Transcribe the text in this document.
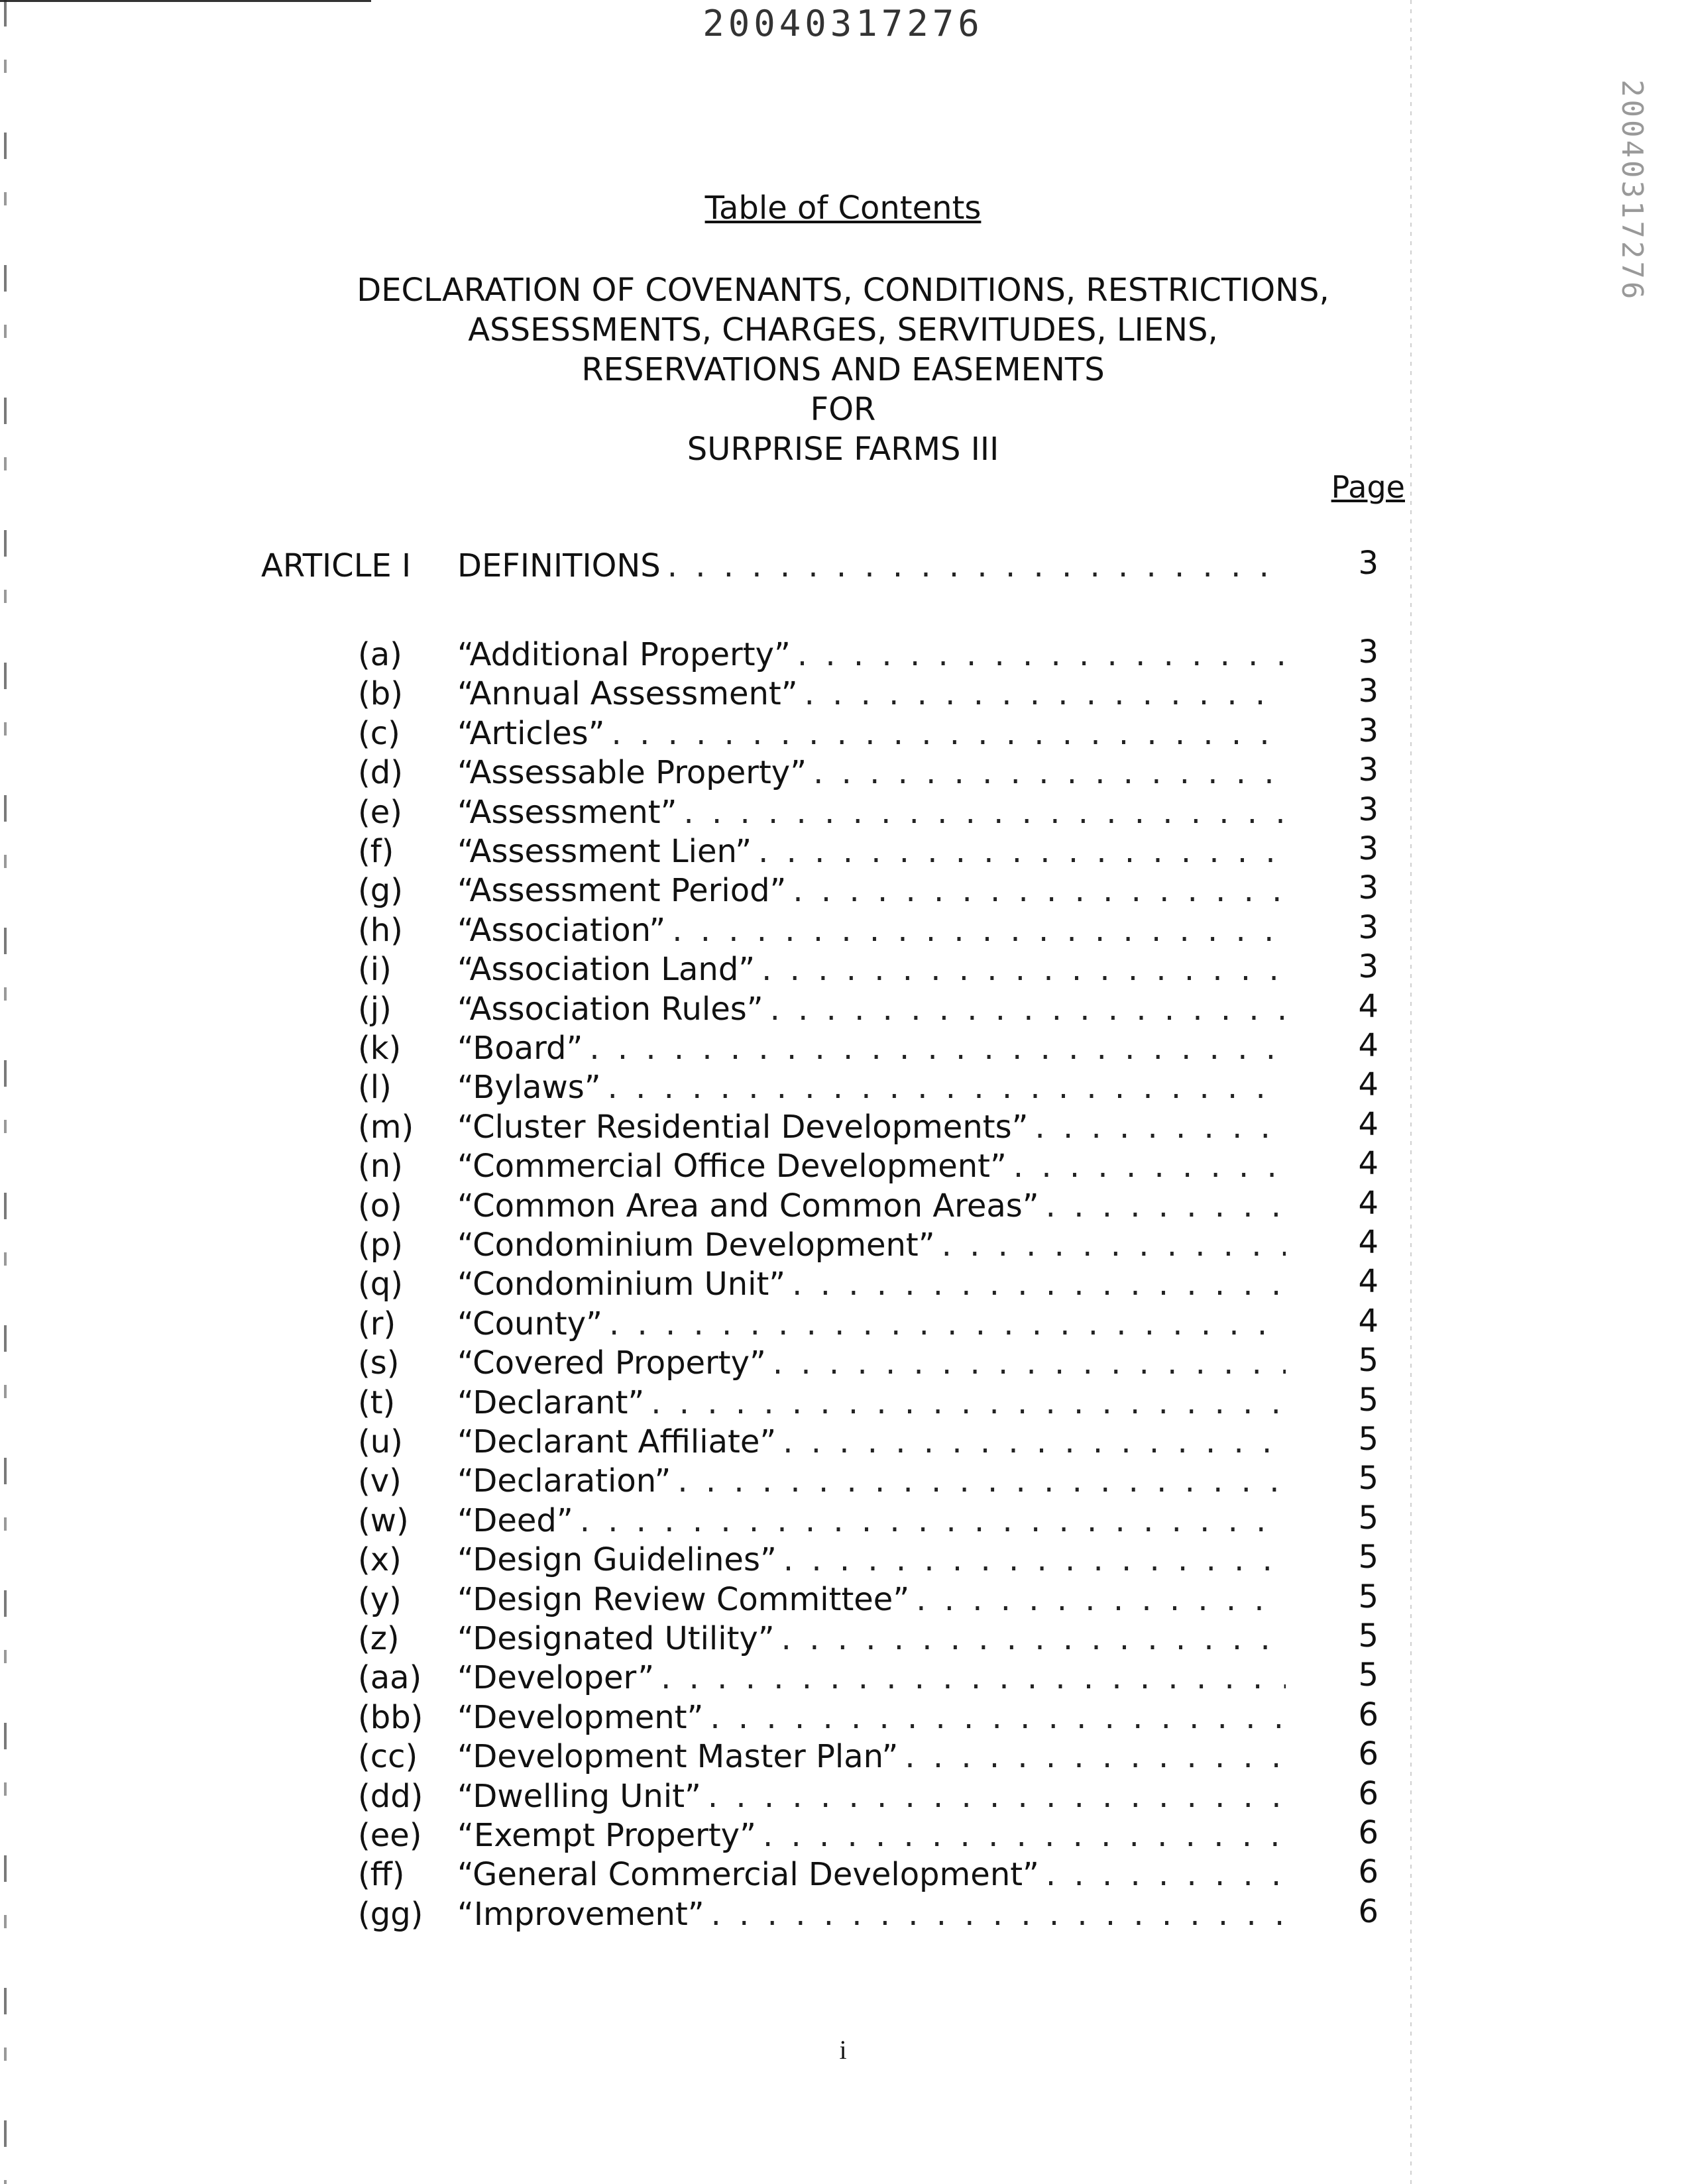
20040317276
20040317276
Table of Contents
DECLARATION OF COVENANTS, CONDITIONS, RESTRICTIONS,
ASSESSMENTS, CHARGES, SERVITUDES, LIENS,
RESERVATIONS AND EASEMENTS
FOR
SURPRISE FARMS III
Page
ARTICLE I DEFINITIONS . . .	3
(a) “Additional Property” . . .	3
(b) “Annual Assessment” . . .	3
(c) “Articles” . . .	3
(d) “Assessable Property” . . .	3
(e) “Assessment” . . .	3
(f) “Assessment Lien” . . .	3
(g) “Assessment Period” . . .	3
(h) “Association” . . .	3
(i) “Association Land” . . .	3
(j) “Association Rules” . . .	4
(k) “Board” . . .	4
(l) “Bylaws” . . .	4
(m) “Cluster Residential Developments” . . .	4
(n) “Commercial Office Development” . . .	4
(o) “Common Area and Common Areas” . . .	4
(p) “Condominium Development” . . .	4
(q) “Condominium Unit” . . .	4
(r) “County” . . .	4
(s) “Covered Property” . . .	5
(t) “Declarant” . . .	5
(u) “Declarant Affiliate” . . .	5
(v) “Declaration” . . .	5
(w) “Deed” . . .	5
(x) “Design Guidelines” . . .	5
(y) “Design Review Committee” . . .	5
(z) “Designated Utility” . . .	5
(aa) “Developer” . . .	5
(bb) “Development” . . .	6
(cc) “Development Master Plan” . . .	6
(dd) “Dwelling Unit” . . .	6
(ee) “Exempt Property” . . .	6
(ff) “General Commercial Development” . . .	6
(gg) “Improvement” . . .	6
i
